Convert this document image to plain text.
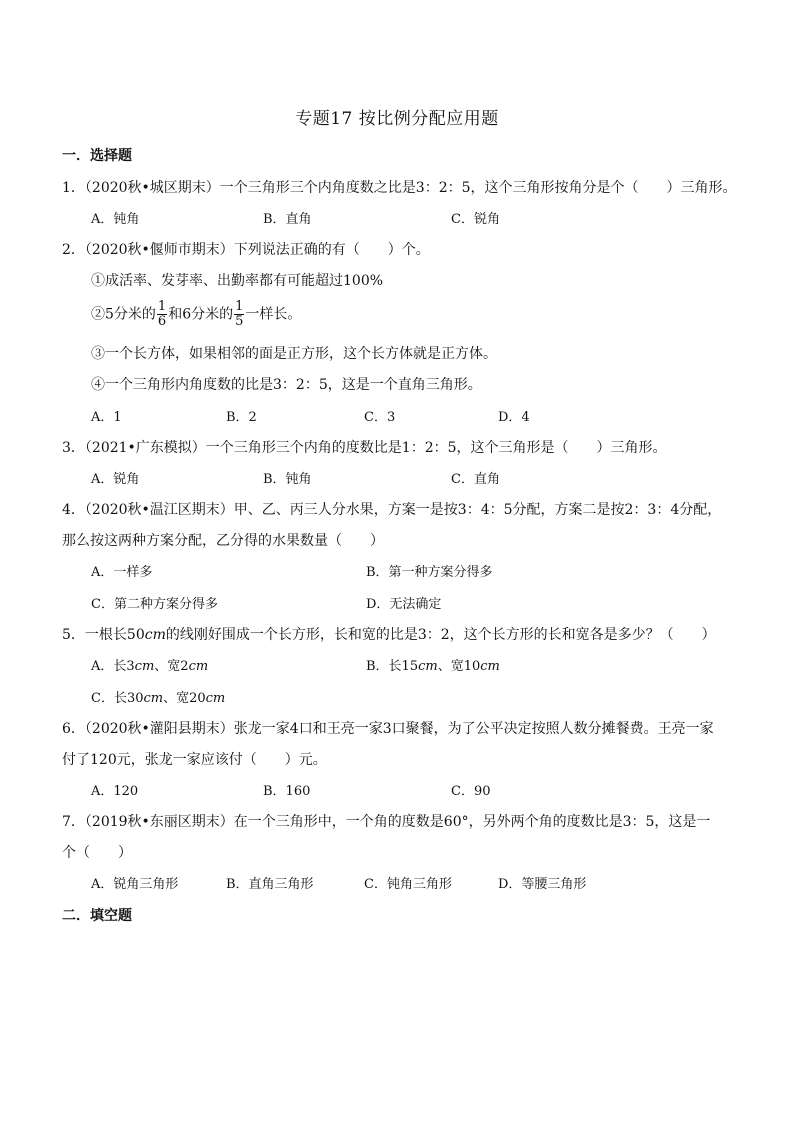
专题17 按比例分配应用题
一．选择题
1．（2020秋•城区期末）一个三角形三个内角度数之比是3：2：5，这个三角形按角分是个（　　）三角形。
A．钝角	B．直角	C．锐角
2．（2020秋•偃师市期末）下列说法正确的有（　　）个。
①成活率、发芽率、出勤率都有可能超过100%
②5分米的 $\frac{1}{6}$ 和6分米的 $\frac{1}{5}$ 一样长。
③一个长方体，如果相邻的面是正方形，这个长方体就是正方体。
④一个三角形内角度数的比是3：2：5，这是一个直角三角形。
A．1	B．2	C．3	D．4
3．（2021•广东模拟）一个三角形三个内角的度数比是1：2：5，这个三角形是（　　）三角形。
A．锐角	B．钝角	C．直角
4．（2020秋•温江区期末）甲、乙、丙三人分水果，方案一是按3：4：5分配，方案二是按2：3：4分配，
那么按这两种方案分配，乙分得的水果数量（　　）
A．一样多	B．第一种方案分得多
C．第二种方案分得多	D．无法确定
5．一根长50cm的线刚好围成一个长方形，长和宽的比是3：2，这个长方形的长和宽各是多少？（　　）
A．长3cm、宽2cm	B．长15cm、宽10cm
C．长30cm、宽20cm
6．（2020秋•灌阳县期末）张龙一家4口和王亮一家3口聚餐，为了公平决定按照人数分摊餐费。王亮一家
付了120元，张龙一家应该付（　　）元。
A．120	B．160	C．90
7．（2019秋•东丽区期末）在一个三角形中，一个角的度数是60°，另外两个角的度数比是3：5，这是一
个（　　）
A．锐角三角形	B．直角三角形	C．钝角三角形	D．等腰三角形
二．填空题
